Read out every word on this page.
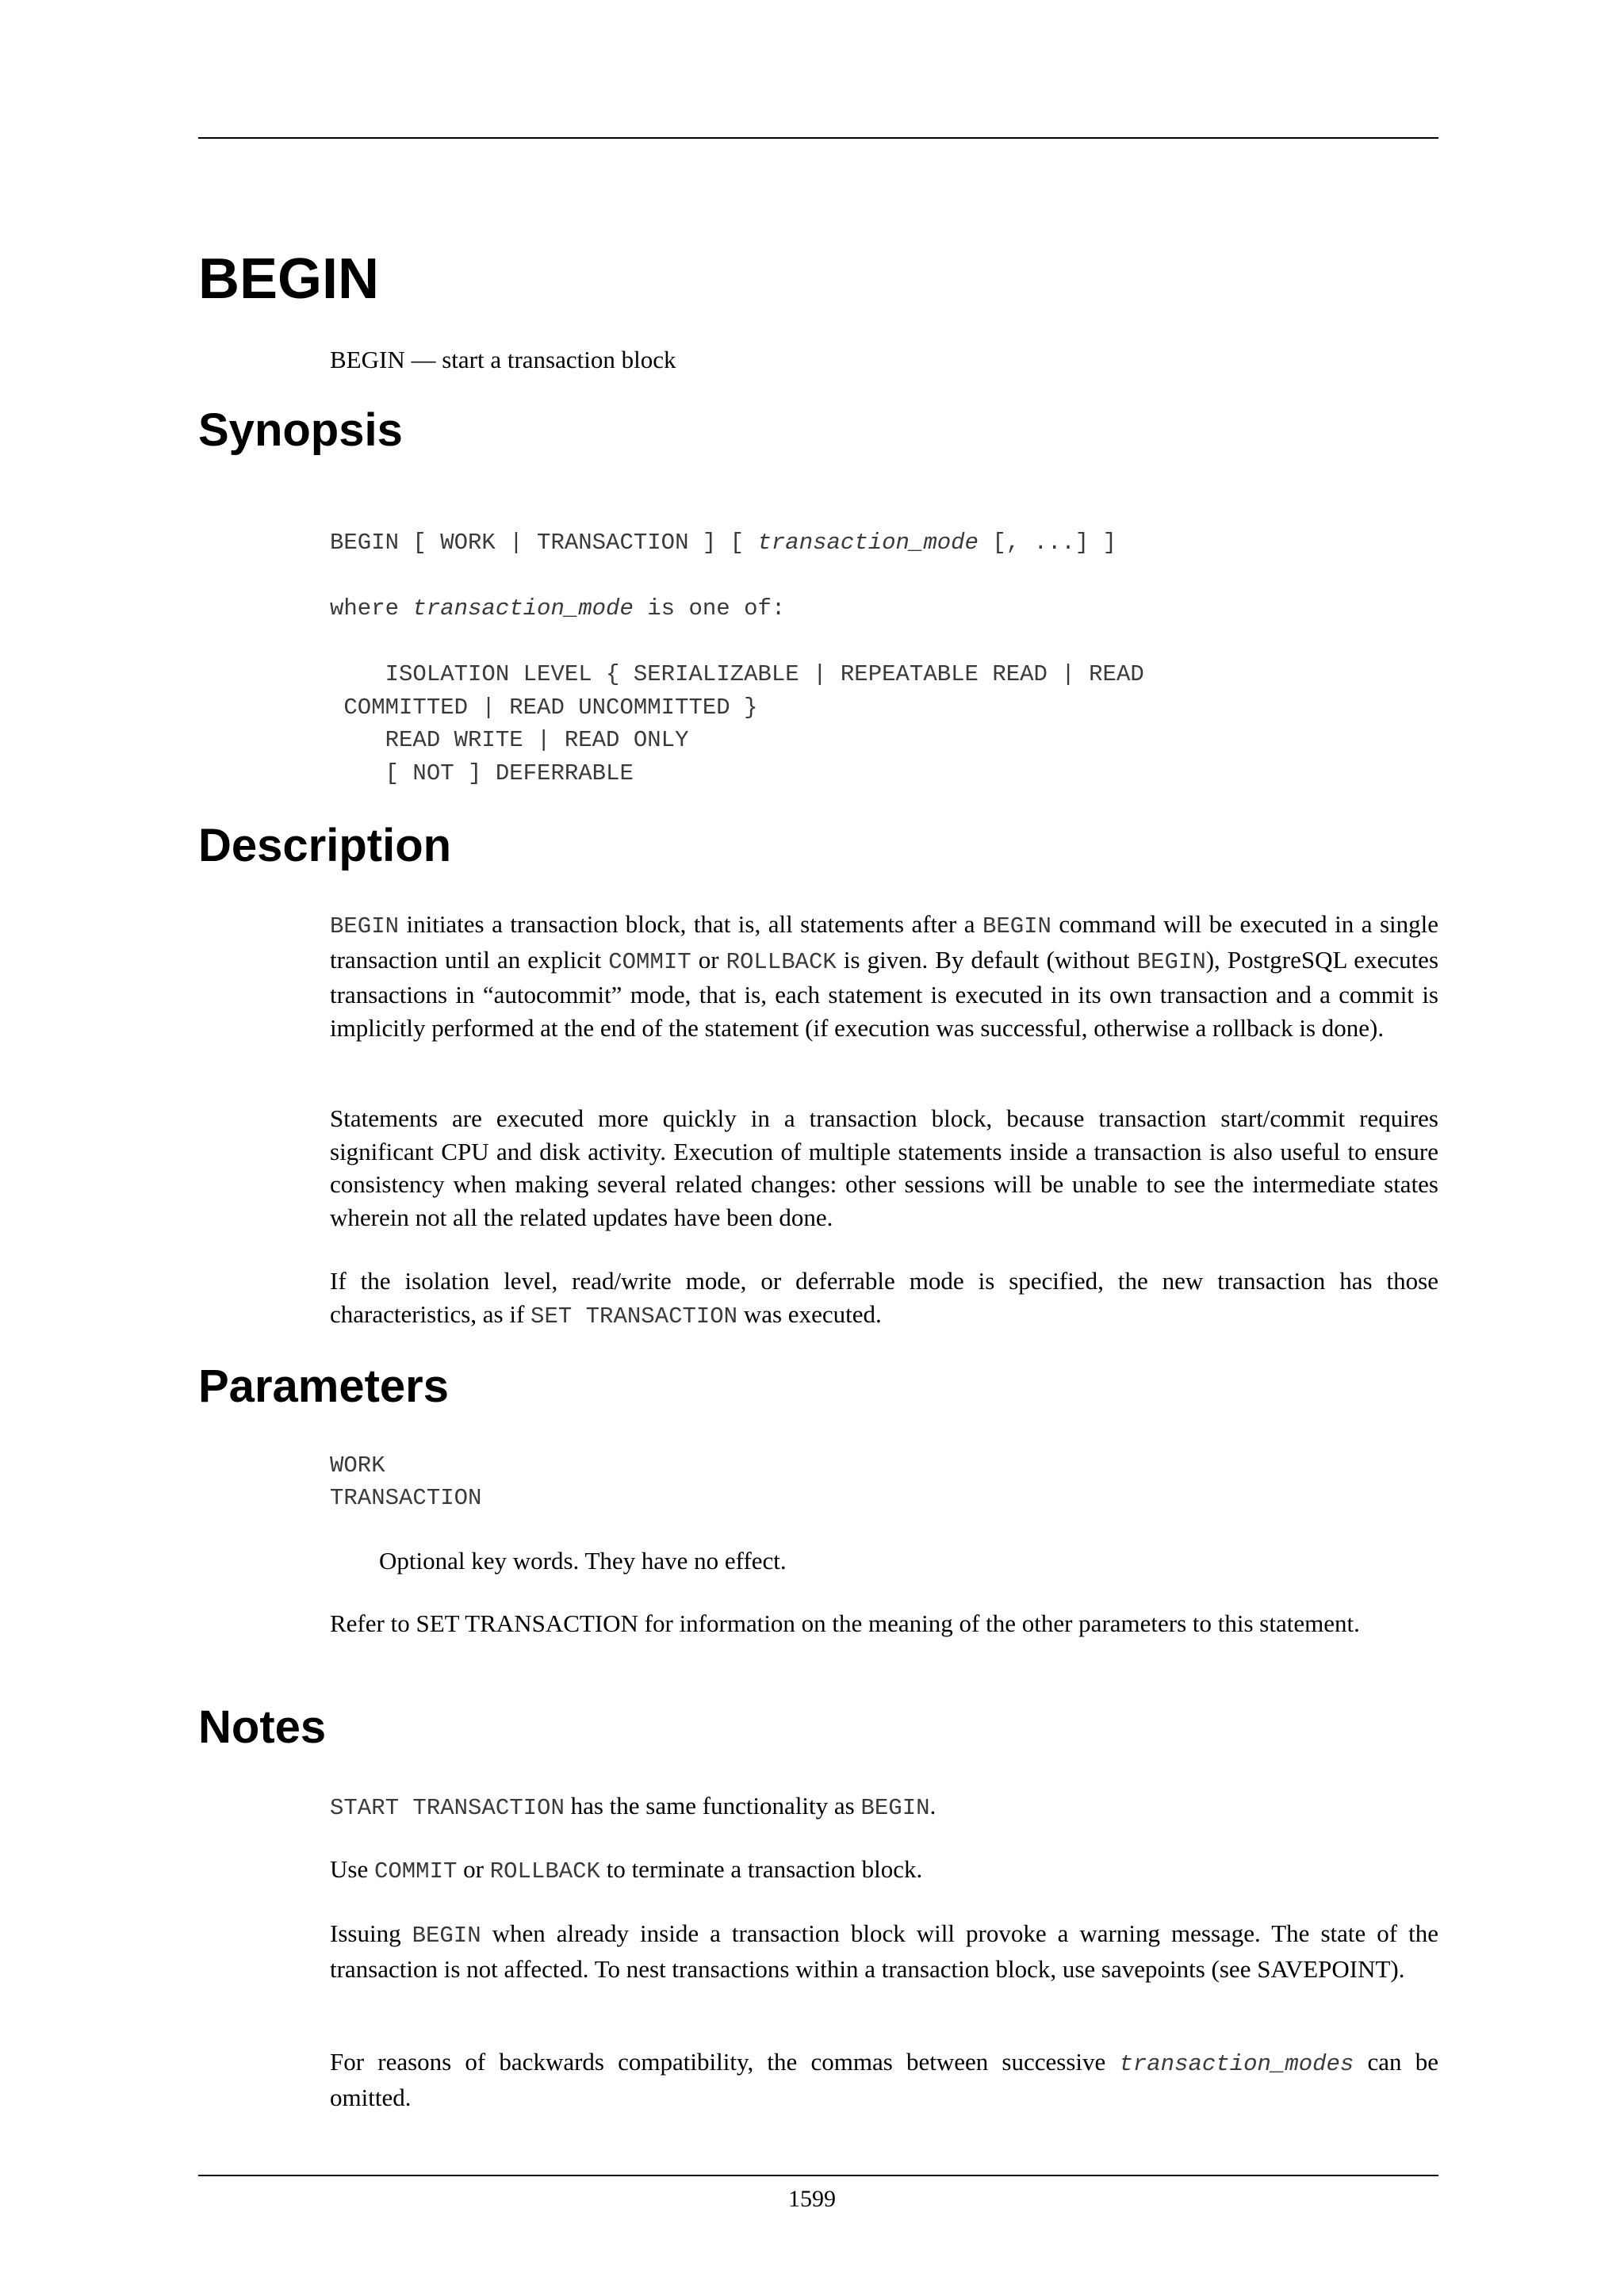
BEGIN
BEGIN — start a transaction block
Synopsis
BEGIN [ WORK | TRANSACTION ] [ transaction_mode [, ...] ]
where transaction_mode is one of:
ISOLATION LEVEL { SERIALIZABLE | REPEATABLE READ | READ
COMMITTED | READ UNCOMMITTED }
READ WRITE | READ ONLY
[ NOT ] DEFERRABLE
Description
BEGIN initiates a transaction block, that is, all statements after a BEGIN command will be executed in a single transaction until an explicit COMMIT or ROLLBACK is given. By default (without BEGIN), PostgreSQL executes transactions in “autocommit” mode, that is, each statement is executed in its own transaction and a commit is implicitly performed at the end of the statement (if execution was successful, otherwise a rollback is done).
Statements are executed more quickly in a transaction block, because transaction start/commit requires significant CPU and disk activity. Execution of multiple statements inside a transaction is also useful to ensure consistency when making several related changes: other sessions will be unable to see the intermediate states wherein not all the related updates have been done.
If the isolation level, read/write mode, or deferrable mode is specified, the new transaction has those characteristics, as if SET TRANSACTION was executed.
Parameters
WORK
TRANSACTION
Optional key words. They have no effect.
Refer to SET TRANSACTION for information on the meaning of the other parameters to this statement.
Notes
START TRANSACTION has the same functionality as BEGIN.
Use COMMIT or ROLLBACK to terminate a transaction block.
Issuing BEGIN when already inside a transaction block will provoke a warning message. The state of the transaction is not affected. To nest transactions within a transaction block, use savepoints (see SAVEPOINT).
For reasons of backwards compatibility, the commas between successive transaction_modes can be omitted.
1599
